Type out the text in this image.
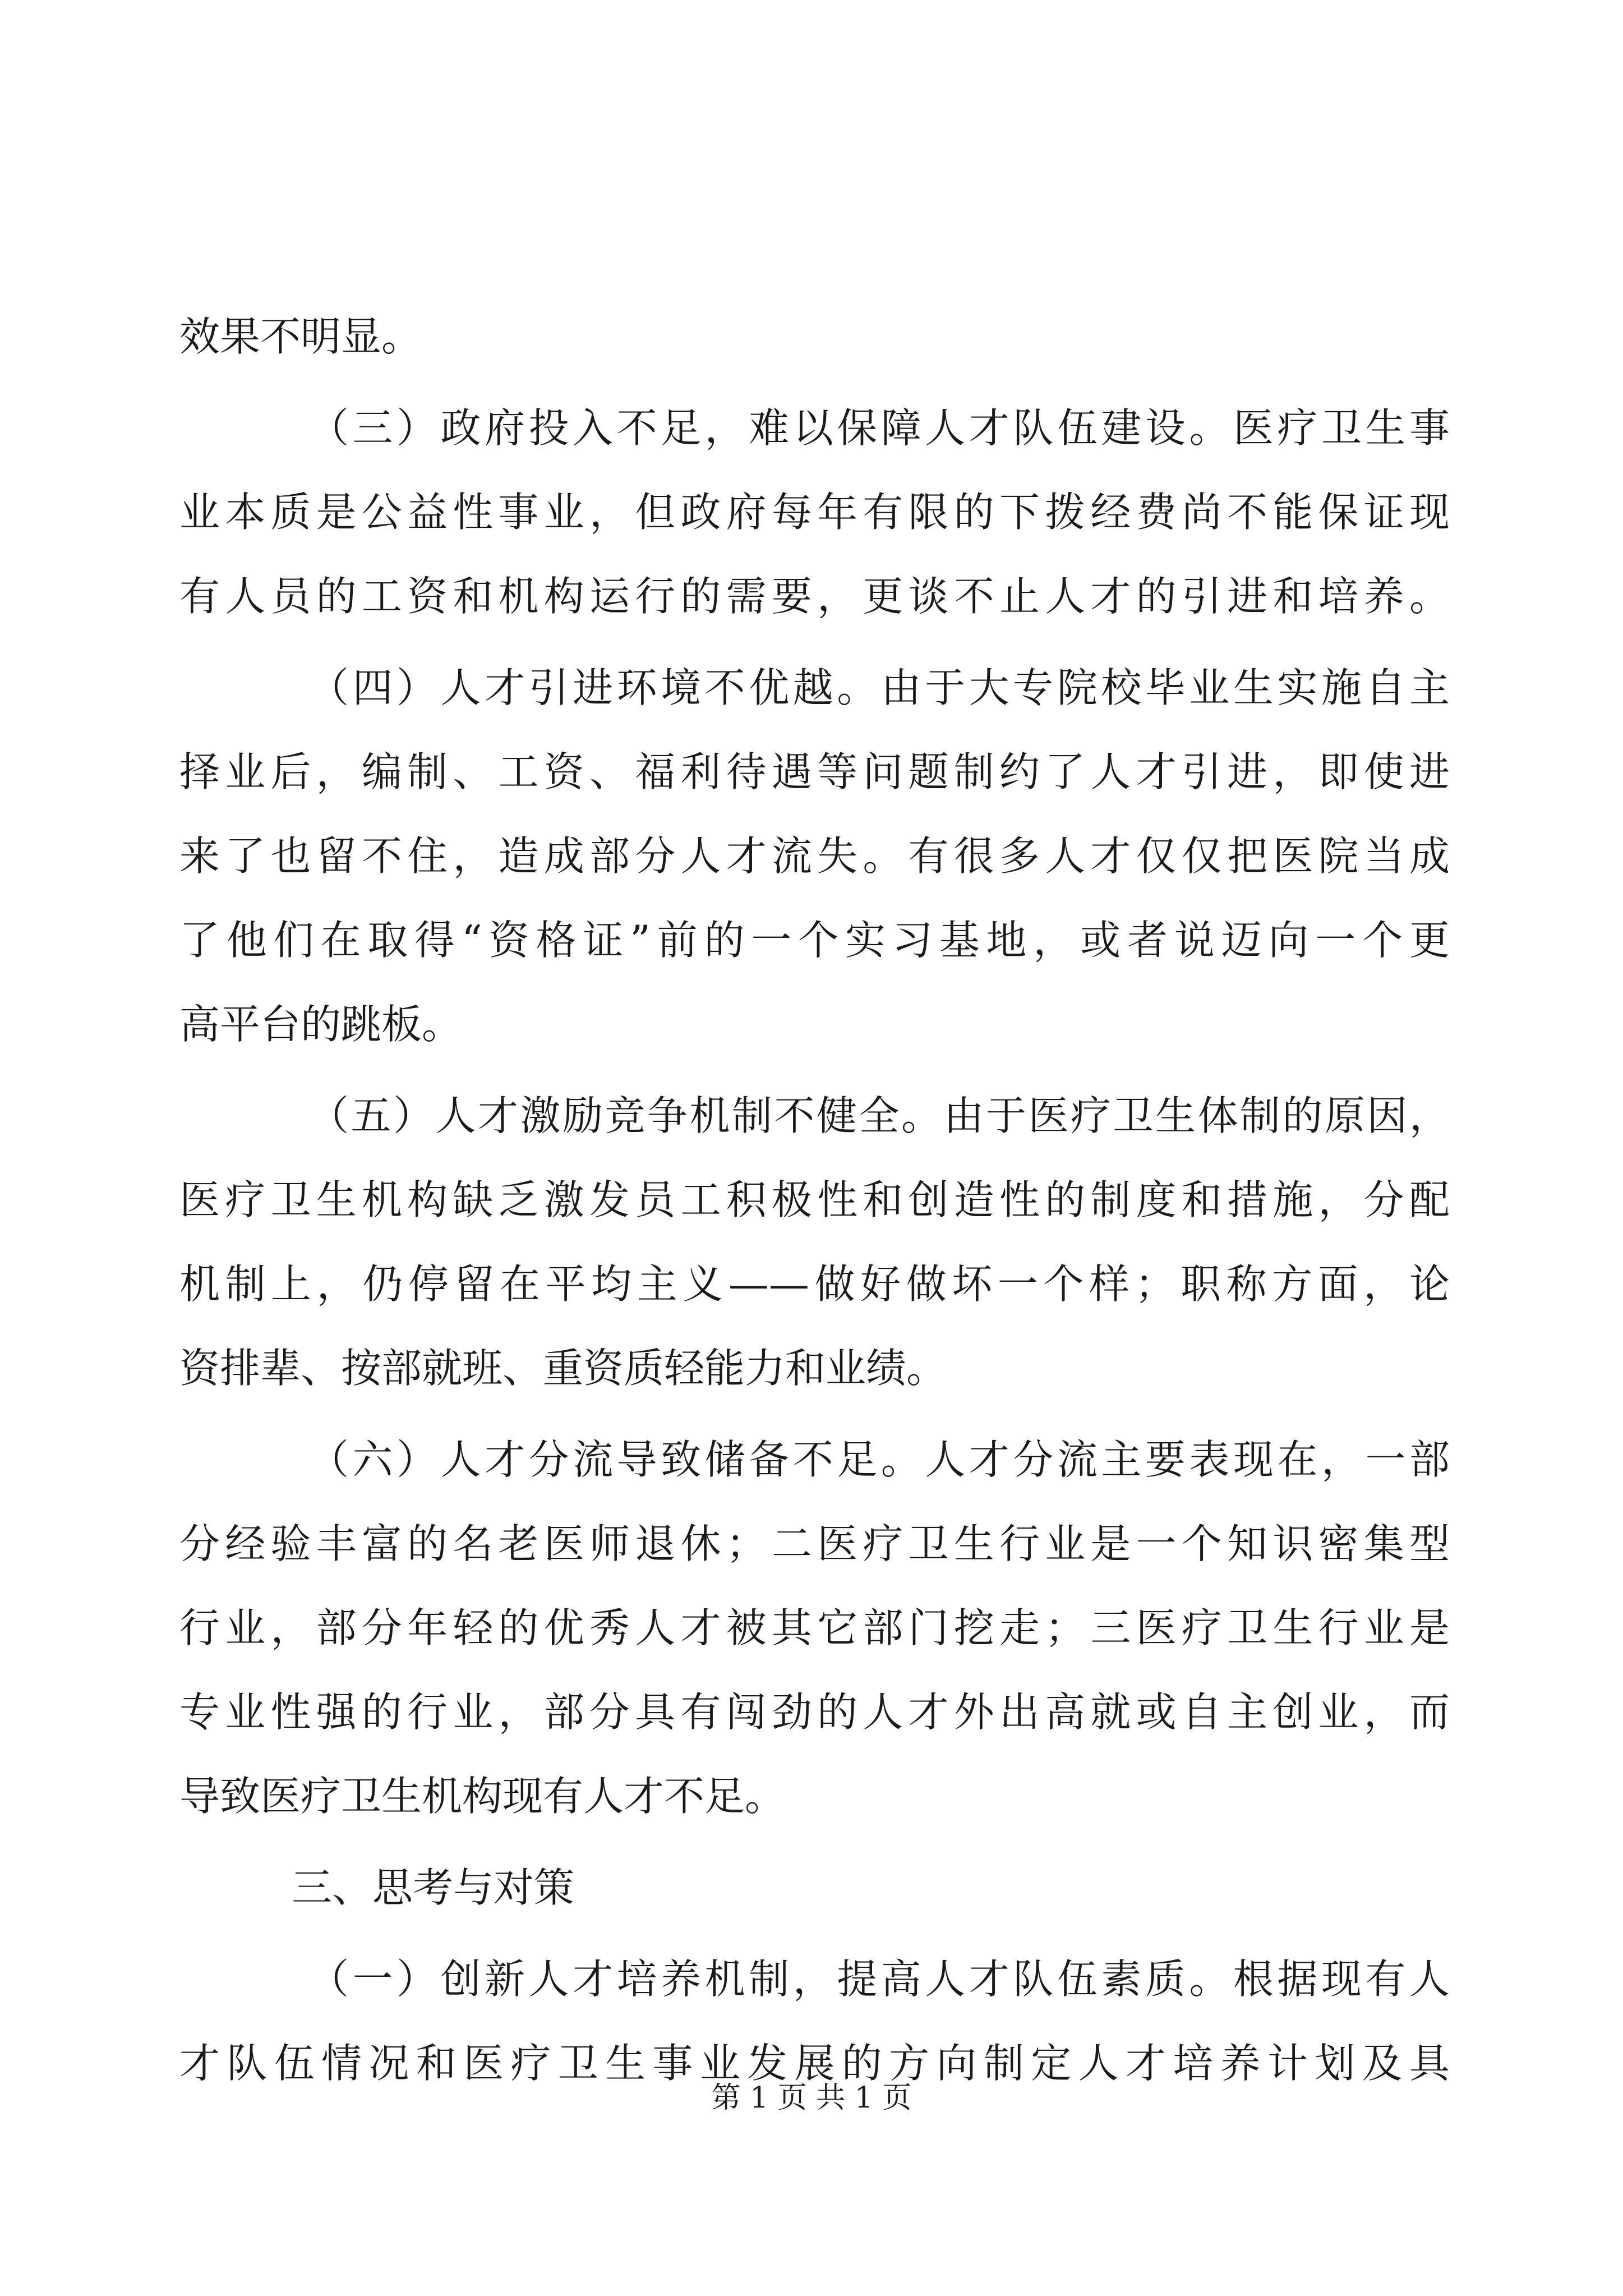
效果不明显。
（三）政府投入不足，难以保障人才队伍建设。医疗卫生事
业本质是公益性事业，但政府每年有限的下拨经费尚不能保证现
有人员的工资和机构运行的需要，更谈不止人才的引进和培养。
（四）人才引进环境不优越。由于大专院校毕业生实施自主
择业后，编制、工资、福利待遇等问题制约了人才引进，即使进
来了也留不住，造成部分人才流失。有很多人才仅仅把医院当成
了他们在取得“资格证”前的一个实习基地，或者说迈向一个更
高平台的跳板。
（五）人才激励竞争机制不健全。由于医疗卫生体制的原因，
医疗卫生机构缺乏激发员工积极性和创造性的制度和措施，分配
机制上，仍停留在平均主义——做好做坏一个样；职称方面，论
资排辈、按部就班、重资质轻能力和业绩。
（六）人才分流导致储备不足。人才分流主要表现在，一部
分经验丰富的名老医师退休；二医疗卫生行业是一个知识密集型
行业，部分年轻的优秀人才被其它部门挖走；三医疗卫生行业是
专业性强的行业，部分具有闯劲的人才外出高就或自主创业，而
导致医疗卫生机构现有人才不足。
三、思考与对策
（一）创新人才培养机制，提高人才队伍素质。根据现有人
才队伍情况和医疗卫生事业发展的方向制定人才培养计划及具
第 1 页 共 1 页
